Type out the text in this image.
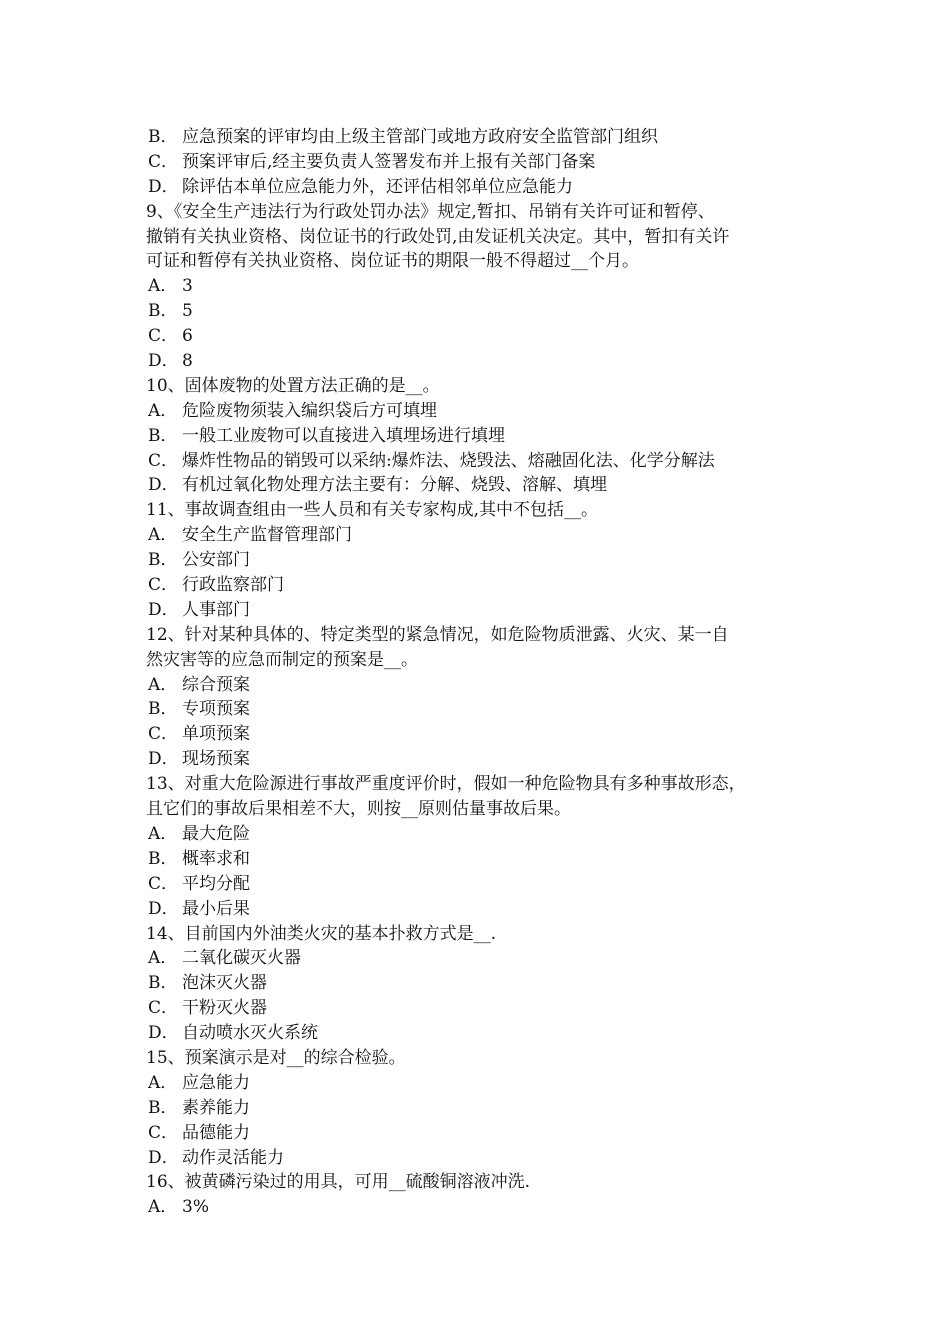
B． 应急预案的评审均由上级主管部门或地方政府安全监管部门组织
C． 预案评审后,经主要负责人签署发布并上报有关部门备案
D． 除评估本单位应急能力外，还评估相邻单位应急能力
9、《安全生产违法行为行政处罚办法》规定,暂扣、吊销有关许可证和暂停、
撤销有关执业资格、岗位证书的行政处罚,由发证机关决定。其中，暂扣有关许
可证和暂停有关执业资格、岗位证书的期限一般不得超过__个月。
A． 3
B． 5
C． 6
D． 8
10、固体废物的处置方法正确的是__。
A． 危险废物须装入编织袋后方可填埋
B． 一般工业废物可以直接进入填埋场进行填埋
C． 爆炸性物品的销毁可以采纳:爆炸法、烧毁法、熔融固化法、化学分解法
D． 有机过氧化物处理方法主要有：分解、烧毁、溶解、填埋
11、事故调查组由一些人员和有关专家构成,其中不包括__。
A． 安全生产监督管理部门
B． 公安部门
C． 行政监察部门
D． 人事部门
12、针对某种具体的、特定类型的紧急情况，如危险物质泄露、火灾、某一自
然灾害等的应急而制定的预案是__。
A． 综合预案
B． 专项预案
C． 单项预案
D． 现场预案
13、对重大危险源进行事故严重度评价时，假如一种危险物具有多种事故形态，
且它们的事故后果相差不大，则按__原则估量事故后果。
A． 最大危险
B． 概率求和
C． 平均分配
D． 最小后果
14、目前国内外油类火灾的基本扑救方式是__.
A． 二氧化碳灭火器
B． 泡沫灭火器
C． 干粉灭火器
D． 自动喷水灭火系统
15、预案演示是对__的综合检验。
A． 应急能力
B． 素养能力
C． 品德能力
D． 动作灵活能力
16、被黄磷污染过的用具，可用__硫酸铜溶液冲洗.
A． 3%
